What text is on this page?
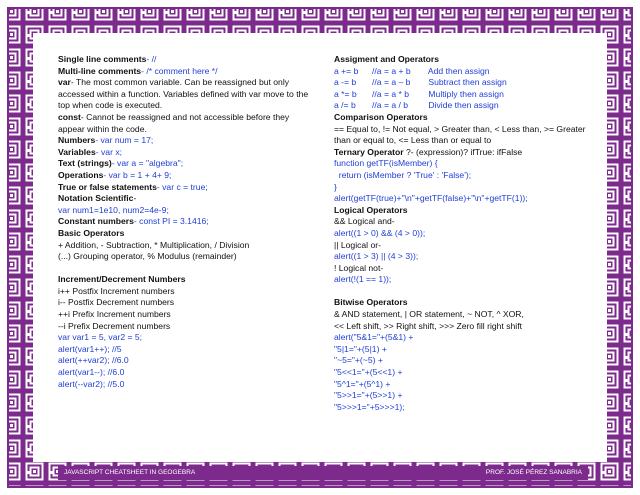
Single line comments- //
Multi-line comments- /* comment here */
var- The most common variable. Can be reassigned but only accessed within a function. Variables defined with var move to the top when code is executed.
const- Cannot be reassigned and not accessible before they appear within the code.
Numbers- var num = 17;
Variables- var x;
Text (strings)- var a = "algebra";
Operations- var b = 1 + 4+ 9;
True or false statements- var c = true;
Notation Scientific-
var num1=1e10, num2=4e-9;
Constant numbers- const PI = 3.1416;
Basic Operators
+ Addition, - Subtraction, * Multiplication, / Division
(...) Grouping operator, % Modulus (remainder)
Increment/Decrement Numbers
i++ Postfix Increment numbers
i-- Postfix Decrement numbers
++i Prefix Increment numbers
--i Prefix Decrement numbers
var var1 = 5, var2 = 5;
alert(var1++); //5
alert(++var2); //6.0
alert(var1--); //6.0
alert(--var2); //5.0
Assigment and Operators
a += b //a = a + b Add then assign
a -= b //a = a – b Subtract then assign
a *= b //a = a * b Multiply then assign
a /= b //a = a / b Divide then assign
Comparison Operators
== Equal to, != Not equal, > Greater than, < Less than, >= Greater than or equal to, <= Less than or equal to
Ternary Operator ?- (expression)? ifTrue: ifFalse
function getTF(isMember) {
return (isMember ? 'True' : 'False');
}
alert(getTF(true)+"\n"+getTF(false)+"\n"+getTF(1));
Logical Operators
&& Logical and-
alert((1 > 0) && (4 > 0));
|| Logical or-
alert((1 > 3) || (4 > 3));
! Logical not-
alert(!(1 == 1));
Bitwise Operators
& AND statement, | OR statement, ~ NOT, ^ XOR,
<< Left shift, >> Right shift, >>> Zero fill right shift
alert("5&1="+(5&1) +
"5|1="+(5|1) +
"~5="+(~5) +
"5<<1="+(5<<1) +
"5^1="+(5^1) +
"5>>1="+(5>>1) +
"5>>>1="+5>>>1);
JAVASCRIPT CHEATSHEET IN GEOGEBRA	PROF. JOSÉ PÉREZ SANABRIA
